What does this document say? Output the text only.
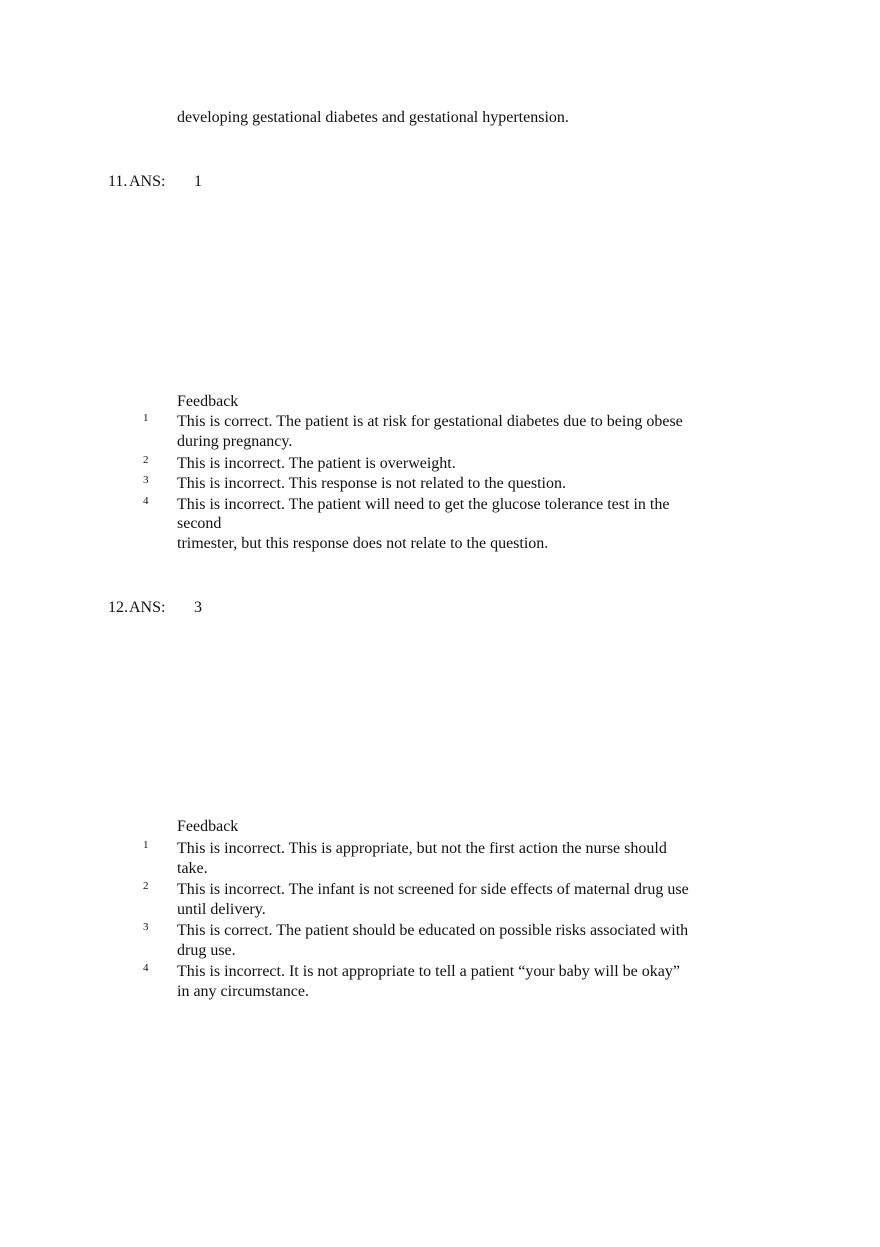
developing gestational diabetes and gestational hypertension.
11. ANS: 1
Feedback
1 This is correct. The patient is at risk for gestational diabetes due to being obese
during pregnancy.
2 This is incorrect. The patient is overweight.
3 This is incorrect. This response is not related to the question.
4 This is incorrect. The patient will need to get the glucose tolerance test in the
second
trimester, but this response does not relate to the question.
12. ANS: 3
Feedback
1 This is incorrect. This is appropriate, but not the first action the nurse should
take.
2 This is incorrect. The infant is not screened for side effects of maternal drug use
until delivery.
3 This is correct. The patient should be educated on possible risks associated with
drug use.
4 This is incorrect. It is not appropriate to tell a patient “your baby will be okay”
in any circumstance.
